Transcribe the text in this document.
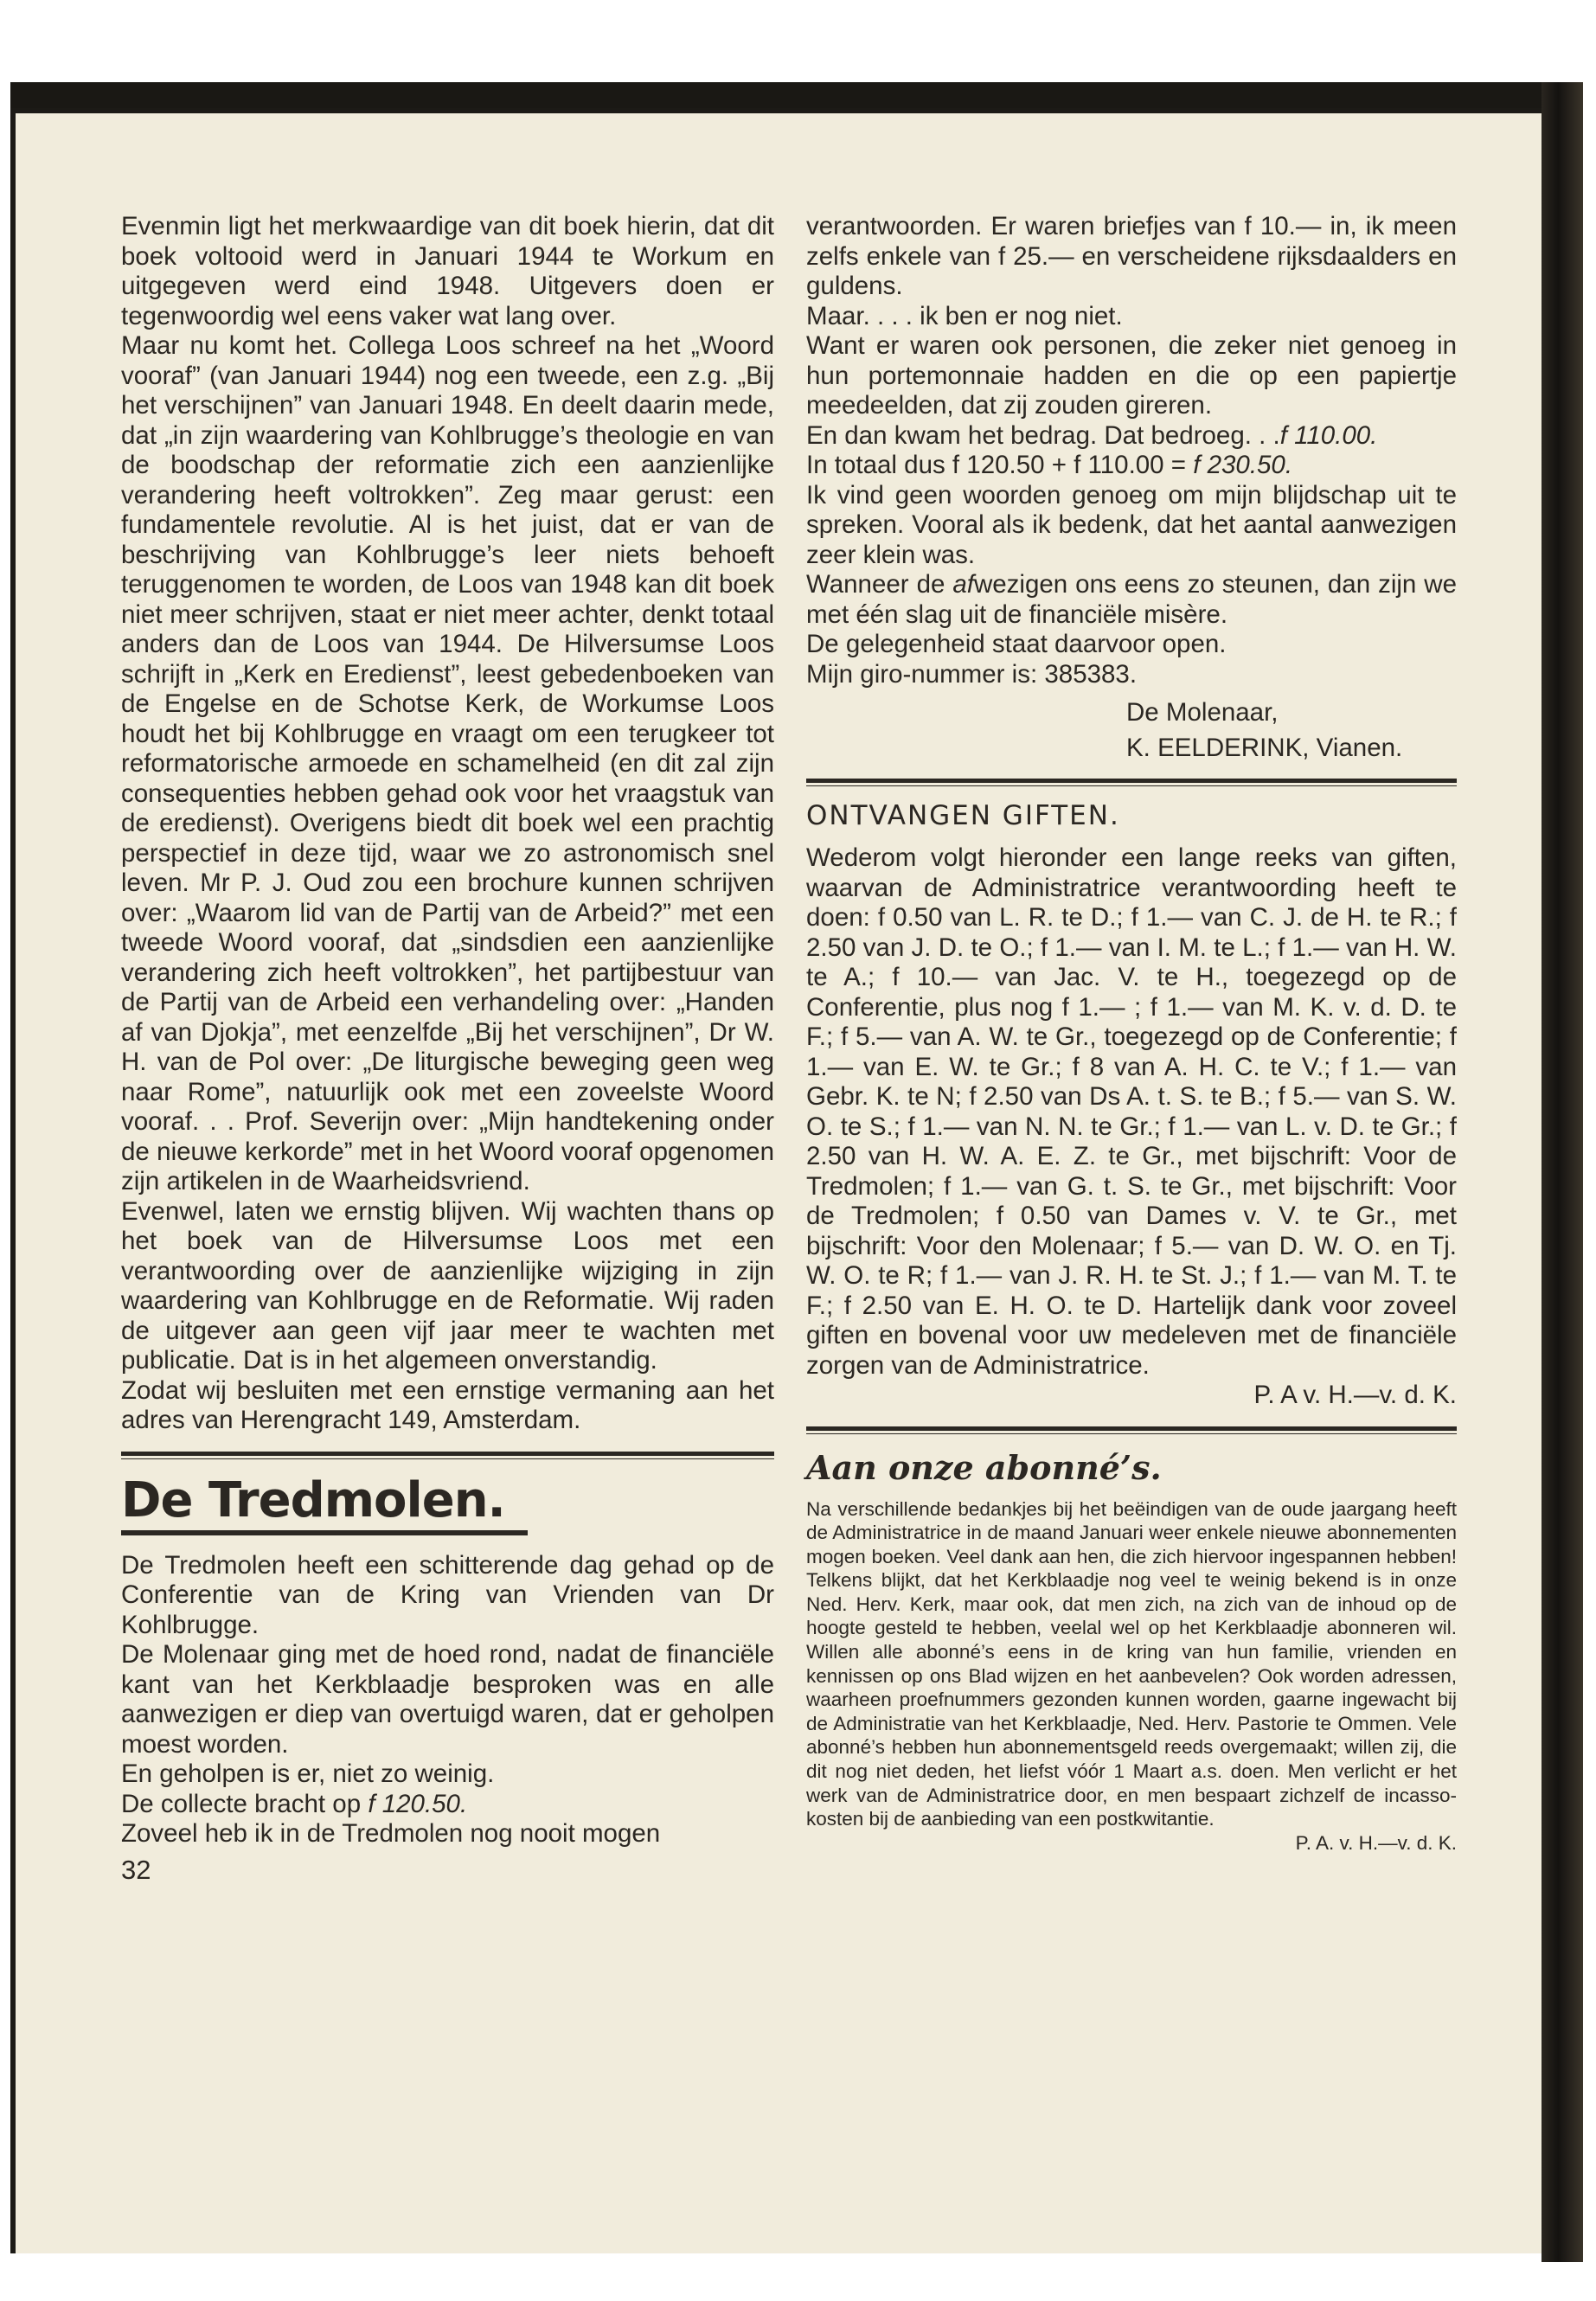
Evenmin ligt het merkwaardige van dit boek hierin, dat dit boek voltooid werd in Januari 1944 te Workum en uitgegeven werd eind 1948. Uitgevers doen er tegenwoordig wel eens vaker wat lang over.

Maar nu komt het. Collega Loos schreef na het „Woord vooraf” (van Januari 1944) nog een tweede, een z.g. „Bij het verschijnen” van Januari 1948. En deelt daarin mede, dat „in zijn waardering van Kohlbrugge’s theologie en van de boodschap der reformatie zich een aanzienlijke verandering heeft voltrokken”. Zeg maar gerust: een fundamentele revolutie. Al is het juist, dat er van de beschrijving van Kohlbrugge’s leer niets behoeft teruggenomen te worden, de Loos van 1948 kan dit boek niet meer schrijven, staat er niet meer achter, denkt totaal anders dan de Loos van 1944. De Hilversumse Loos schrijft in „Kerk en Eredienst”, leest gebedenboeken van de Engelse en de Schotse Kerk, de Workumse Loos houdt het bij Kohlbrugge en vraagt om een terugkeer tot reformatorische armoede en schamelheid (en dit zal zijn consequenties hebben gehad ook voor het vraagstuk van de eredienst). Overigens biedt dit boek wel een prachtig perspectief in deze tijd, waar we zo astronomisch snel leven. Mr P. J. Oud zou een brochure kunnen schrijven over: „Waarom lid van de Partij van de Arbeid?” met een tweede Woord vooraf, dat „sindsdien een aanzienlijke verandering zich heeft voltrokken”, het partijbestuur van de Partij van de Arbeid een verhandeling over: „Handen af van Djokja”, met eenzelfde „Bij het verschijnen”, Dr W. H. van de Pol over: „De liturgische beweging geen weg naar Rome”, natuurlijk ook met een zoveelste Woord vooraf. . . Prof. Severijn over: „Mijn handtekening onder de nieuwe kerkorde” met in het Woord vooraf opgenomen zijn artikelen in de Waarheidsvriend.

Evenwel, laten we ernstig blijven. Wij wachten thans op het boek van de Hilversumse Loos met een verantwoording over de aanzienlijke wijziging in zijn waardering van Kohlbrugge en de Reformatie. Wij raden de uitgever aan geen vijf jaar meer te wachten met publicatie. Dat is in het algemeen onverstandig.

Zodat wij besluiten met een ernstige vermaning aan het adres van Herengracht 149, Amsterdam.

De Tredmolen.

De Tredmolen heeft een schitterende dag gehad op de Conferentie van de Kring van Vrienden van Dr Kohlbrugge.

De Molenaar ging met de hoed rond, nadat de financiële kant van het Kerkblaadje besproken was en alle aanwezigen er diep van overtuigd waren, dat er geholpen moest worden.

En geholpen is er, niet zo weinig.

De collecte bracht op f 120.50.

Zoveel heb ik in de Tredmolen nog nooit mogen

32

verantwoorden. Er waren briefjes van f 10.— in, ik meen zelfs enkele van f 25.— en verscheidene rijksdaalders en guldens.

Maar. . . . ik ben er nog niet.

Want er waren ook personen, die zeker niet genoeg in hun portemonnaie hadden en die op een papiertje meedeelden, dat zij zouden gireren.

En dan kwam het bedrag. Dat bedroeg. . .f 110.00.

In totaal dus f 120.50 + f 110.00 = f 230.50.

Ik vind geen woorden genoeg om mijn blijdschap uit te spreken. Vooral als ik bedenk, dat het aantal aanwezigen zeer klein was.

Wanneer de afwezigen ons eens zo steunen, dan zijn we met één slag uit de financiële misère.

De gelegenheid staat daarvoor open.

Mijn giro-nummer is: 385383.

De Molenaar,

K. EELDERINK, Vianen.

ONTVANGEN GIFTEN.

Wederom volgt hieronder een lange reeks van giften, waarvan de Administratrice verantwoording heeft te doen: f 0.50 van L. R. te D.; f 1.— van C. J. de H. te R.; f 2.50 van J. D. te O.; f 1.— van I. M. te L.; f 1.— van H. W. te A.; f 10.— van Jac. V. te H., toegezegd op de Conferentie, plus nog f 1.— ; f 1.— van M. K. v. d. D. te F.; f 5.— van A. W. te Gr., toegezegd op de Conferentie; f 1.— van E. W. te Gr.; f 8 van A. H. C. te V.; f 1.— van Gebr. K. te N; f 2.50 van Ds A. t. S. te B.; f 5.— van S. W. O. te S.; f 1.— van N. N. te Gr.; f 1.— van L. v. D. te Gr.; f 2.50 van H. W. A. E. Z. te Gr., met bijschrift: Voor de Tredmolen; f 1.— van G. t. S. te Gr., met bijschrift: Voor de Tredmolen; f 0.50 van Dames v. V. te Gr., met bijschrift: Voor den Molenaar; f 5.— van D. W. O. en Tj. W. O. te R; f 1.— van J. R. H. te St. J.; f 1.— van M. T. te F.; f 2.50 van E. H. O. te D. Hartelijk dank voor zoveel giften en bovenal voor uw medeleven met de financiële zorgen van de Administratrice.

P. A v. H.—v. d. K.

Aan onze abonné’s.

Na verschillende bedankjes bij het beëindigen van de oude jaargang heeft de Administratrice in de maand Januari weer enkele nieuwe abonnementen mogen boeken. Veel dank aan hen, die zich hiervoor ingespannen hebben! Telkens blijkt, dat het Kerkblaadje nog veel te weinig bekend is in onze Ned. Herv. Kerk, maar ook, dat men zich, na zich van de inhoud op de hoogte gesteld te hebben, veelal wel op het Kerkblaadje abonneren wil. Willen alle abonné’s eens in de kring van hun familie, vrienden en kennissen op ons Blad wijzen en het aanbevelen? Ook worden adressen, waarheen proefnummers gezonden kunnen worden, gaarne ingewacht bij de Administratie van het Kerkblaadje, Ned. Herv. Pastorie te Ommen. Vele abonné’s hebben hun abonnementsgeld reeds overgemaakt; willen zij, die dit nog niet deden, het liefst vóór 1 Maart a.s. doen. Men verlicht er het werk van de Administratrice door, en men bespaart zichzelf de incasso-kosten bij de aanbieding van een postkwitantie.

P. A. v. H.—v. d. K.
